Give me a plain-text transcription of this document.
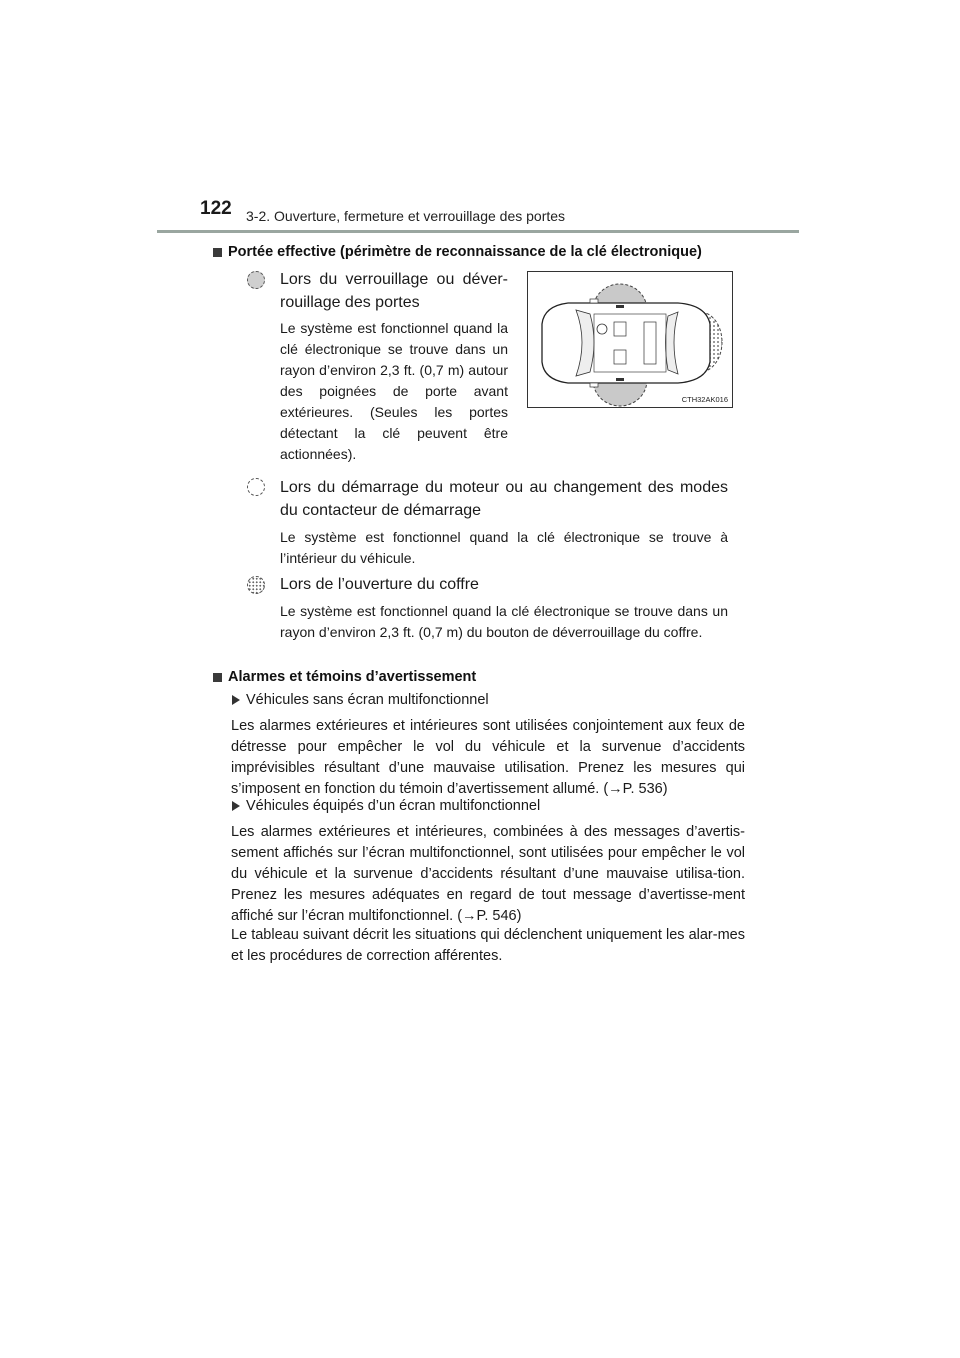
122 3-2. Ouverture, fermeture et verrouillage des portes
Portée effective (périmètre de reconnaissance de la clé électronique)
Lors du verrouillage ou déver-
rouillage des portes
Le système est fonctionnel quand la clé électronique se trouve dans un rayon d’environ 2,3 ft. (0,7 m) autour des poignées de porte avant extérieures. (Seules les portes détectant la clé peuvent être actionnées).
CTH32AK016
Lors du démarrage du moteur ou au changement des modes du contacteur de démarrage
Le système est fonctionnel quand la clé électronique se trouve à l’intérieur du véhicule.
Lors de l’ouverture du coffre
Le système est fonctionnel quand la clé électronique se trouve dans un rayon d’environ 2,3 ft. (0,7 m) du bouton de déverrouillage du coffre.
Alarmes et témoins d’avertissement
Véhicules sans écran multifonctionnel
Les alarmes extérieures et intérieures sont utilisées conjointement aux feux de détresse pour empêcher le vol du véhicule et la survenue d’accidents imprévisibles résultant d’une mauvaise utilisation. Prenez les mesures qui s’imposent en fonction du témoin d’avertissement allumé. (→P. 536)
Véhicules équipés d’un écran multifonctionnel
Les alarmes extérieures et intérieures, combinées à des messages d’avertis-sement affichés sur l’écran multifonctionnel, sont utilisées pour empêcher le vol du véhicule et la survenue d’accidents résultant d’une mauvaise utilisa-tion. Prenez les mesures adéquates en regard de tout message d’avertisse-ment affiché sur l’écran multifonctionnel. (→P. 546)
Le tableau suivant décrit les situations qui déclenchent uniquement les alar-mes et les procédures de correction afférentes.
